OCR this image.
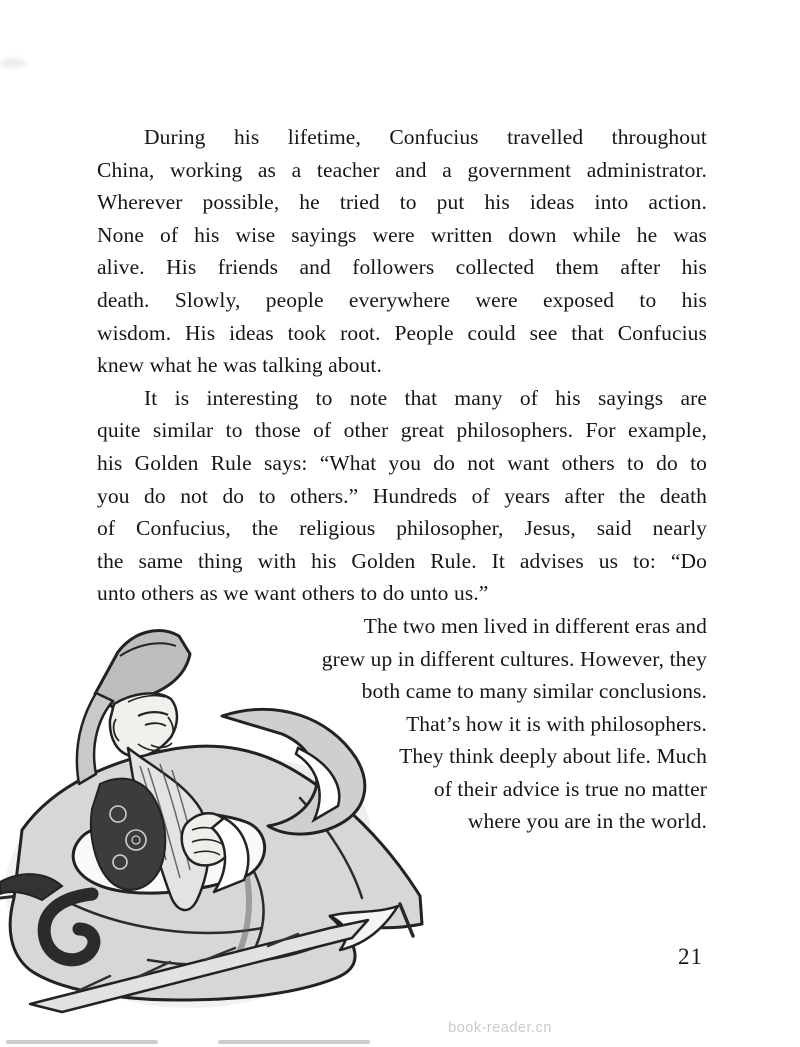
During his lifetime, Confucius travelled throughout
China, working as a teacher and a government administrator.
Wherever possible, he tried to put his ideas into action.
None of his wise sayings were written down while he was
alive. His friends and followers collected them after his
death. Slowly, people everywhere were exposed to his
wisdom. His ideas took root. People could see that Confucius
knew what he was talking about.
It is interesting to note that many of his sayings are
quite similar to those of other great philosophers. For example,
his Golden Rule says: “What you do not want others to do to
you do not do to others.” Hundreds of years after the death
of Confucius, the religious philosopher, Jesus, said nearly
the same thing with his Golden Rule. It advises us to: “Do
unto others as we want others to do unto us.”
The two men lived in different eras and
grew up in different cultures. However, they
both came to many similar conclusions.
That’s how it is with philosophers.
They think deeply about life. Much
of their advice is true no matter
where you are in the world.
21
book-reader.cn
